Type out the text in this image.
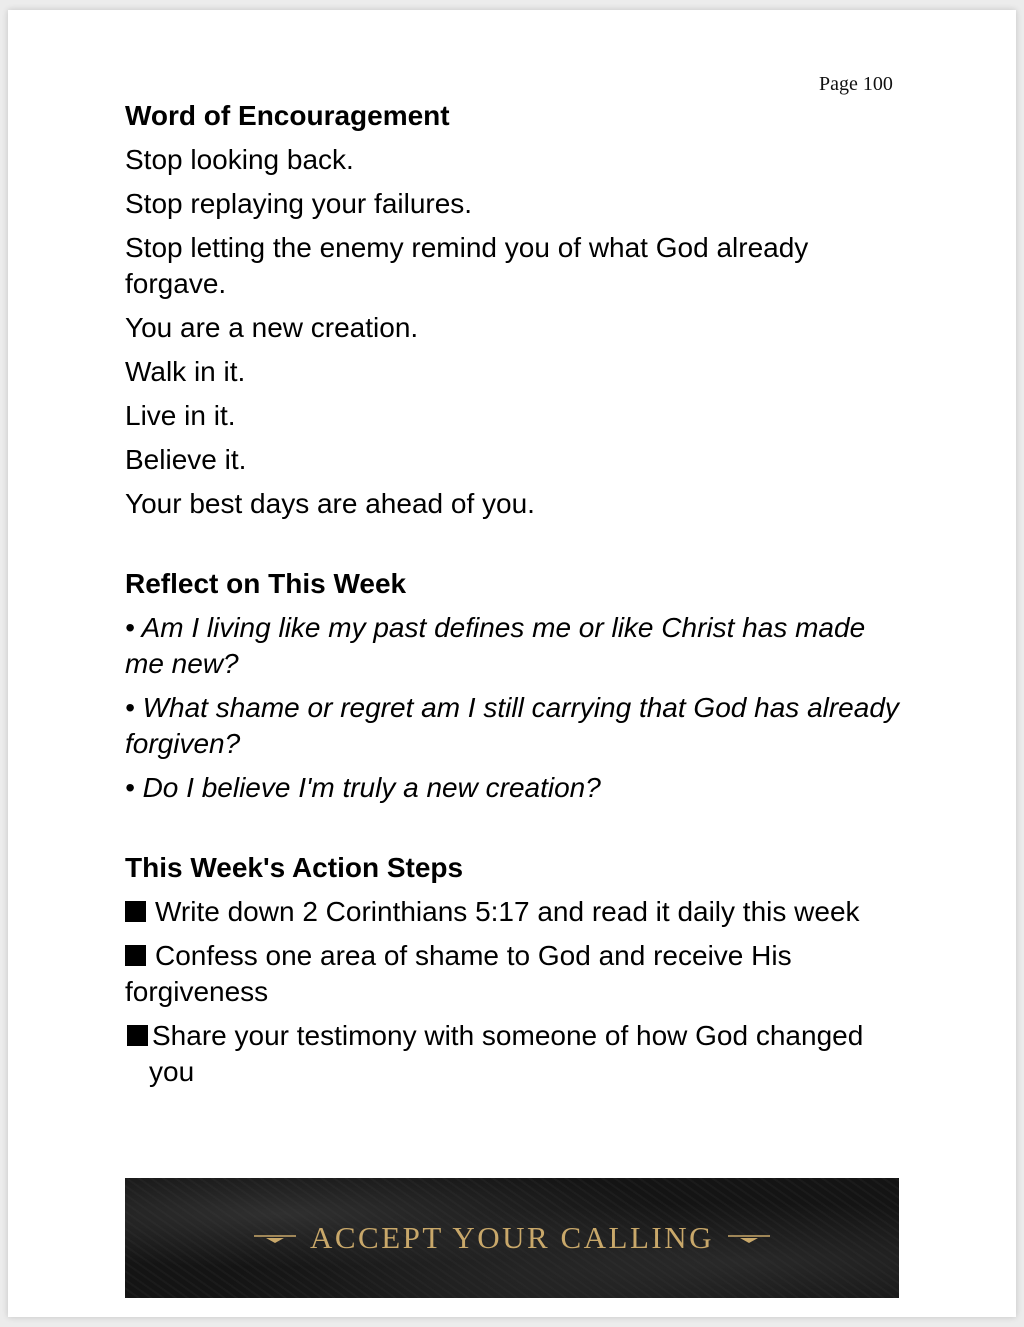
Page 100

Word of Encouragement

Stop looking back.

Stop replaying your failures.

Stop letting the enemy remind you of what God already forgave.

You are a new creation.

Walk in it.

Live in it.

Believe it.

Your best days are ahead of you.

Reflect on This Week

• Am I living like my past defines me or like Christ has made me new?

• What shame or regret am I still carrying that God has already forgiven?

• Do I believe I'm truly a new creation?

This Week's Action Steps

Write down 2 Corinthians 5:17 and read it daily this week

Confess one area of shame to God and receive His forgiveness

Share your testimony with someone of how God changed you

ACCEPT YOUR CALLING
